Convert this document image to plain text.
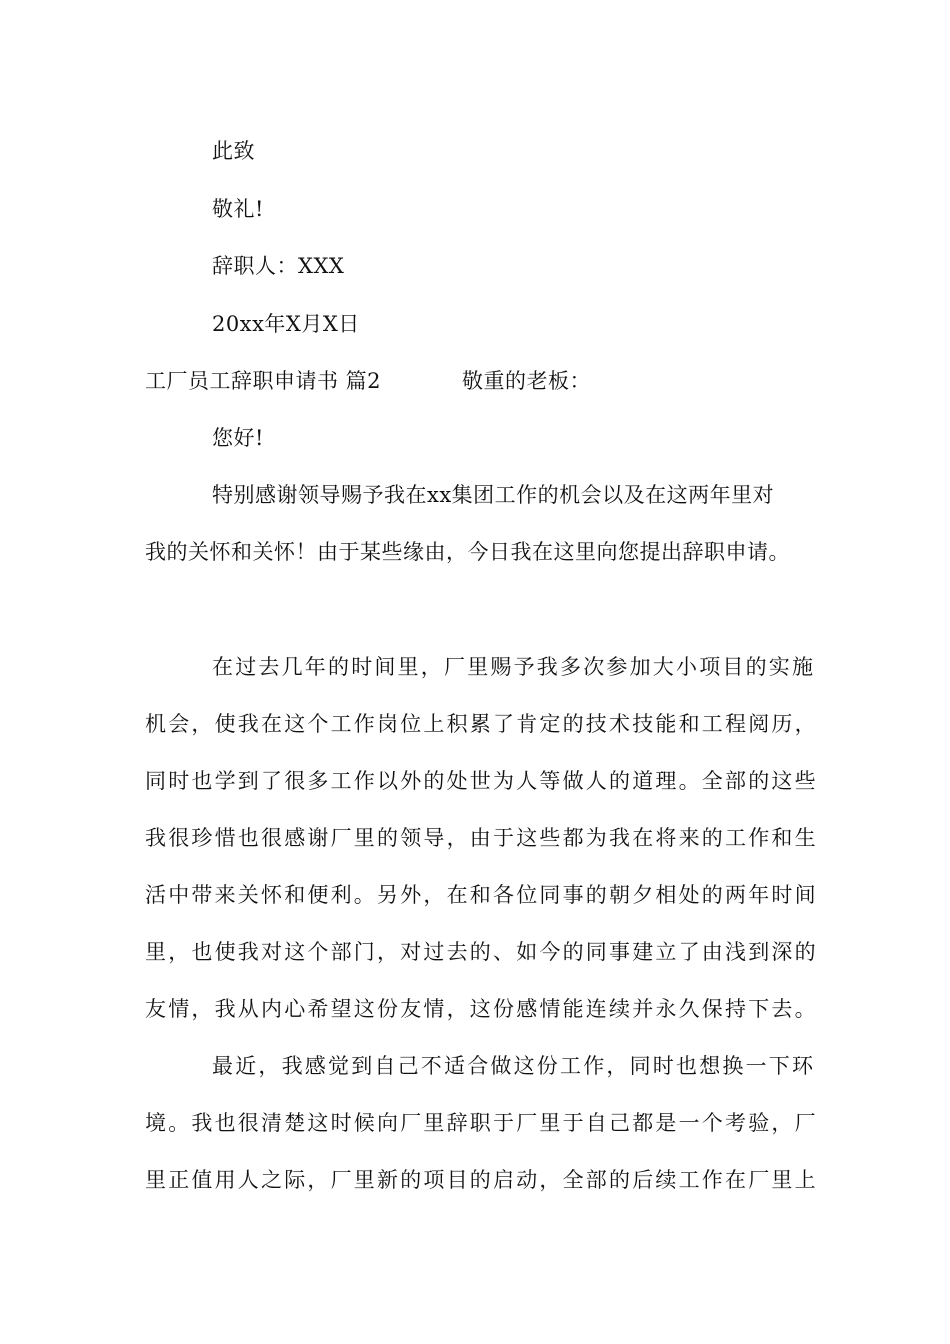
此致
敬礼!
辞职人：XXX
20xx年X月X日
工厂员工辞职申请书 篇2	敬重的老板：
您好!
特别感谢领导赐予我在xx集团工作的机会以及在这两年里对
我的关怀和关怀！由于某些缘由，今日我在这里向您提出辞职申请。
在过去几年的时间里，厂里赐予我多次参加大小项目的实施
机会，使我在这个工作岗位上积累了肯定的技术技能和工程阅历，
同时也学到了很多工作以外的处世为人等做人的道理。全部的这些
我很珍惜也很感谢厂里的领导，由于这些都为我在将来的工作和生
活中带来关怀和便利。另外，在和各位同事的朝夕相处的两年时间
里，也使我对这个部门，对过去的、如今的同事建立了由浅到深的
友情，我从内心希望这份友情，这份感情能连续并永久保持下去。
最近，我感觉到自己不适合做这份工作，同时也想换一下环
境。我也很清楚这时候向厂里辞职于厂里于自己都是一个考验，厂
里正值用人之际，厂里新的项目的启动，全部的后续工作在厂里上
